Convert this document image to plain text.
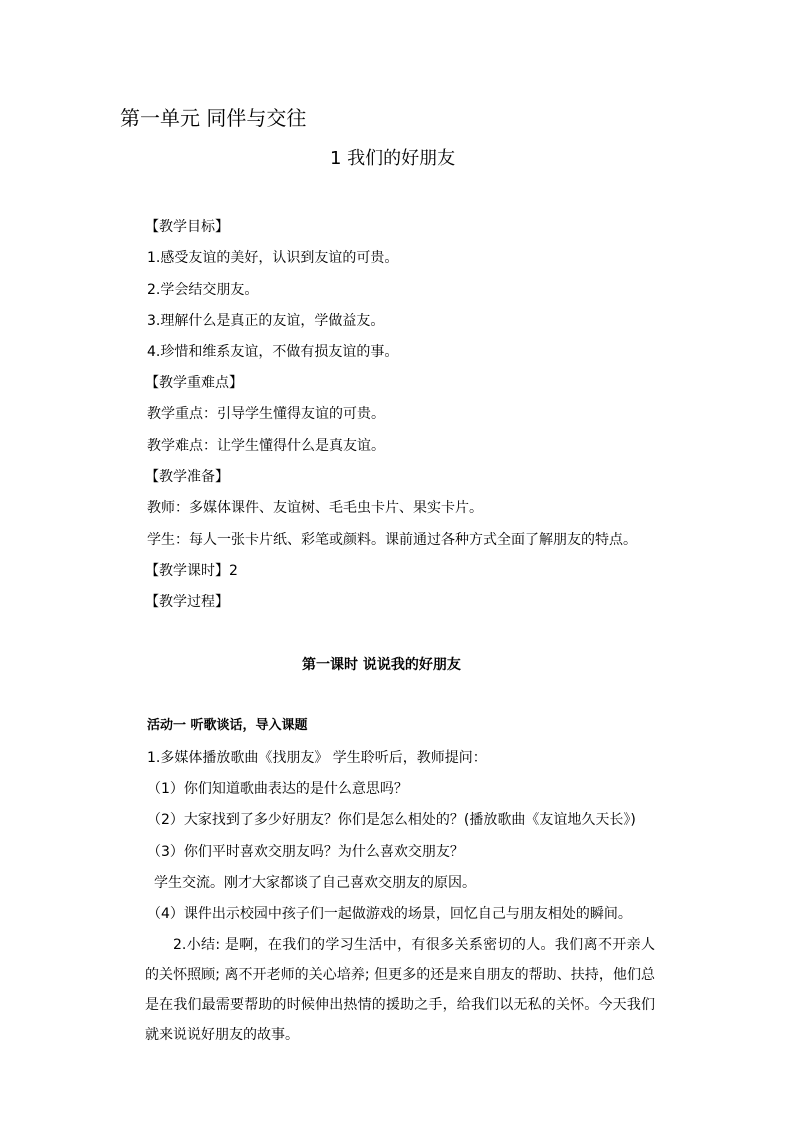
第一单元 同伴与交往
1 我们的好朋友
【教学目标】
1.感受友谊的美好，认识到友谊的可贵。
2.学会结交朋友。
3.理解什么是真正的友谊，学做益友。
4.珍惜和维系友谊，不做有损友谊的事。
【教学重难点】
教学重点：引导学生懂得友谊的可贵。
教学难点：让学生懂得什么是真友谊。
【教学准备】
教师：多媒体课件、友谊树、毛毛虫卡片、果实卡片。
学生：每人一张卡片纸、彩笔或颜料。课前通过各种方式全面了解朋友的特点。
【教学课时】2
【教学过程】
第一课时 说说我的好朋友
活动一 听歌谈话，导入课题
1.多媒体播放歌曲《找朋友》 学生聆听后，教师提问：
（1）你们知道歌曲表达的是什么意思吗？
（2）大家找到了多少好朋友？你们是怎么相处的？(播放歌曲《友谊地久天长》)
（3）你们平时喜欢交朋友吗？为什么喜欢交朋友？
学生交流。刚才大家都谈了自己喜欢交朋友的原因。
（4）课件出示校园中孩子们一起做游戏的场景，回忆自己与朋友相处的瞬间。
2.小结: 是啊，在我们的学习生活中，有很多关系密切的人。我们离不开亲人的关怀照顾; 离不开老师的关心培养; 但更多的还是来自朋友的帮助、扶持，他们总是在我们最需要帮助的时候伸出热情的援助之手，给我们以无私的关怀。今天我们就来说说好朋友的故事。
